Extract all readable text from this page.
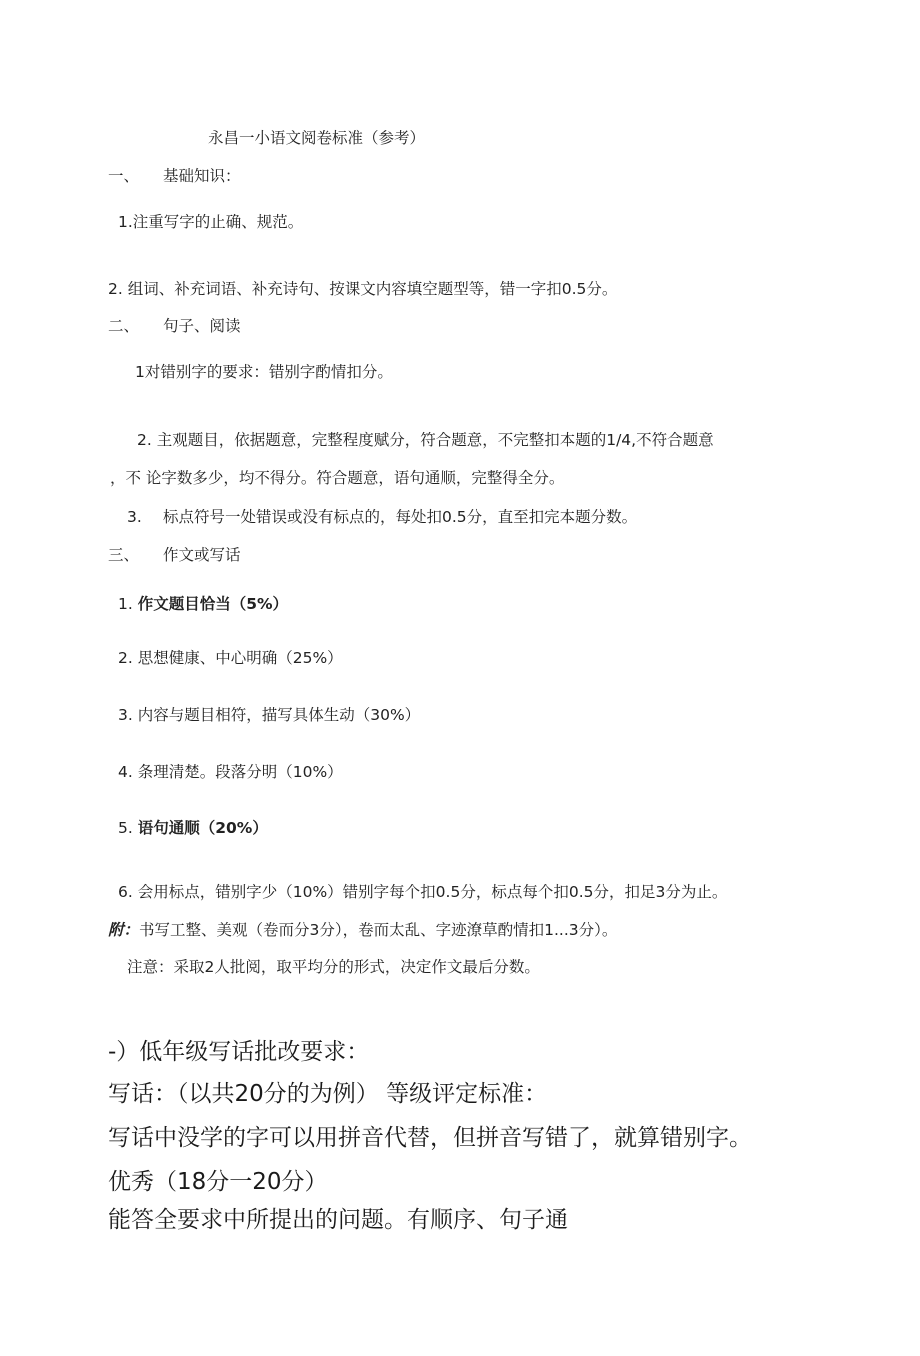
永昌一小语文阅卷标准（参考）
一、 基础知识：
1.注重写字的止确、规范。
2. 组词、补充词语、补充诗句、按课文内容填空题型等，错一字扣0.5分。
二、 句子、阅读
1对错别字的要求：错别字酌情扣分。
2. 主观题目，依据题意，完整程度赋分，符合题意，不完整扣本题的1/4,不符合题意
，不 论字数多少，均不得分。符合题意，语句通顺，完整得全分。
3. 标点符号一处错误或没有标点的，每处扣0.5分，直至扣完本题分数。
三、 作文或写话
1. 作文题目恰当（5%）
2. 思想健康、中心明确（25%）
3. 内容与题目相符，描写具体生动（30%）
4. 条理清楚。段落分明（10%）
5. 语句通顺（20%）
6. 会用标点，错别字少（10%）错别字每个扣0.5分，标点每个扣0.5分，扣足3分为止。
附：书写工整、美观（卷而分3分），卷而太乱、字迹潦草酌情扣1...3分）。
注意：采取2人批阅，取平均分的形式，决定作文最后分数。
-）低年级写话批改要求：
写话：（以共20分的为例） 等级评定标准：
写话中没学的字可以用拼音代替，但拼音写错了，就算错别字。
优秀（18分一20分）
能答全要求中所提出的问题。有顺序、句子通
